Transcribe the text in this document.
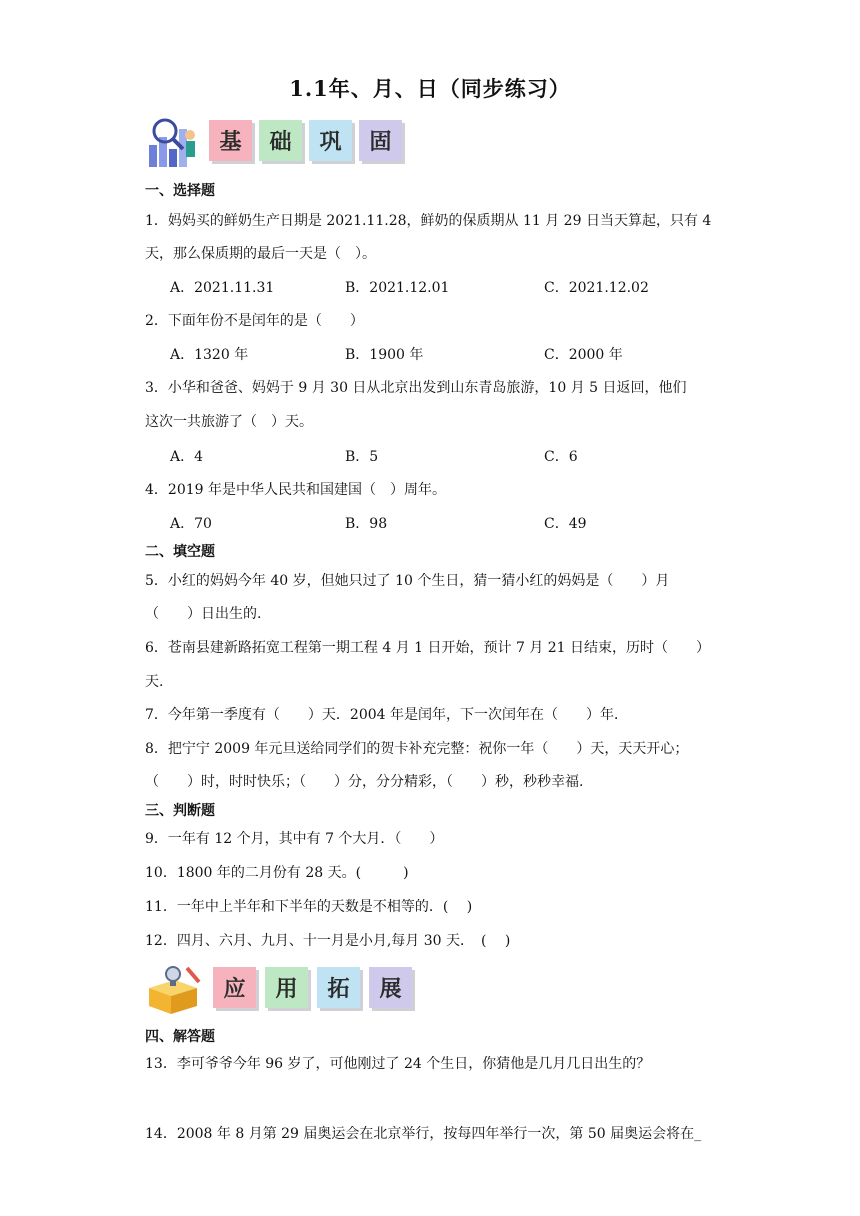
1.1年、月、日（同步练习）
基	础	巩	固
一、选择题
1．妈妈买的鲜奶生产日期是 2021.11.28，鲜奶的保质期从 11 月 29 日当天算起，只有 4
天，那么保质期的最后一天是（　）。
A．2021.11.31	B．2021.12.01	C．2021.12.02
2．下面年份不是闰年的是（　　）
A．1320 年	B．1900 年	C．2000 年
3．小华和爸爸、妈妈于 9 月 30 日从北京出发到山东青岛旅游，10 月 5 日返回，他们
这次一共旅游了（　）天。
A．4	B．5	C．6
4．2019 年是中华人民共和国建国（　）周年。
A．70	B．98	C．49
二、填空题
5．小红的妈妈今年 40 岁，但她只过了 10 个生日，猜一猜小红的妈妈是（　　）月
（　　）日出生的.
6．苍南县建新路拓宽工程第一期工程 4 月 1 日开始，预计 7 月 21 日结束，历时（　　）
天.
7．今年第一季度有（　　）天．2004 年是闰年，下一次闰年在（　　）年．
8．把宁宁 2009 年元旦送给同学们的贺卡补充完整：祝你一年（　　）天，天天开心；
（　　）时，时时快乐；（　　）分，分分精彩，（　　）秒，秒秒幸福.
三、判断题
9．一年有 12 个月，其中有 7 个大月．（　　）
10．1800 年的二月份有 28 天。(　　　)
11．一年中上半年和下半年的天数是不相等的．(　 )
12．四月、六月、九月、十一月是小月,每月 30 天．　(　 )
应	用	拓	展
四、解答题
13．李可爷爷今年 96 岁了，可他刚过了 24 个生日，你猜他是几月几日出生的？
14．2008 年 8 月第 29 届奥运会在北京举行，按每四年举行一次，第 50 届奥运会将在_
